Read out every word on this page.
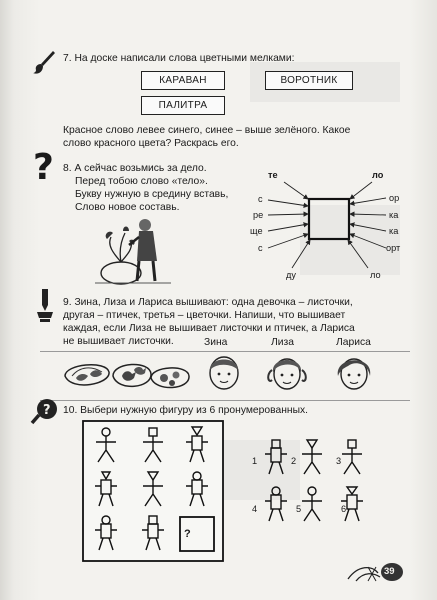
7. На доске написали слова цветными мелками:
КАРАВАН	ВОРОТНИК
ПАЛИТРА
Красное слово левее синего, синее – выше зелёного. Какое
слово красного цвета? Раскрась его.
? 8. А сейчас возьмись за дело.
Перед тобою слово «тело».
Букву нужную в средину вставь,
Слово новое составь.
те	ло
с
ре
ще
с
ор
ка
ка
орт
ду	ло
9. Зина, Лиза и Лариса вышивают: одна девочка – листочки,
другая – птичек, третья – цветочки. Напиши, что вышивает
каждая, если Лиза не вышивает листочки и птичек, а Лариса
не вышивает листочки.	Зина	Лиза	Лариса
? 10. Выбери нужную фигуру из 6 пронумерованных.
?
1	2	3
4	5	6
39
